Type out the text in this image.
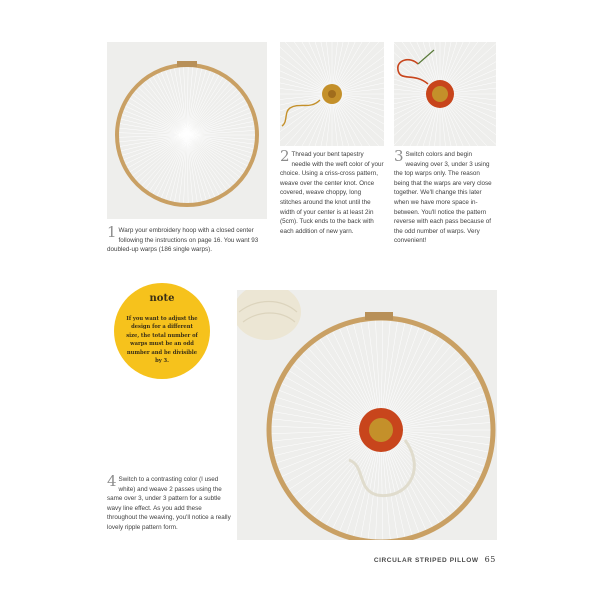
1 Warp your embroidery hoop with a closed center following the instructions on page 16. You want 93 doubled-up warps (186 single warps).
2 Thread your bent tapestry needle with the weft color of your choice. Using a criss-cross pattern, weave over the center knot. Once covered, weave choppy, long stitches around the knot until the width of your center is at least 2in (5cm). Tuck ends to the back with each addition of new yarn.
3 Switch colors and begin weaving over 3, under 3 using the top warps only. The reason being that the warps are very close together. We'll change this later when we have more space in-between. You'll notice the pattern reverse with each pass because of the odd number of warps. Very convenient!
4 Switch to a contrasting color (I used white) and weave 2 passes using the same over 3, under 3 pattern for a subtle wavy line effect. As you add these throughout the weaving, you'll notice a really lovely ripple pattern form.
note
If you want to adjust the design for a different size, the total number of warps must be an odd number and be divisible by 3.
CIRCULAR STRIPED PILLOW 65
